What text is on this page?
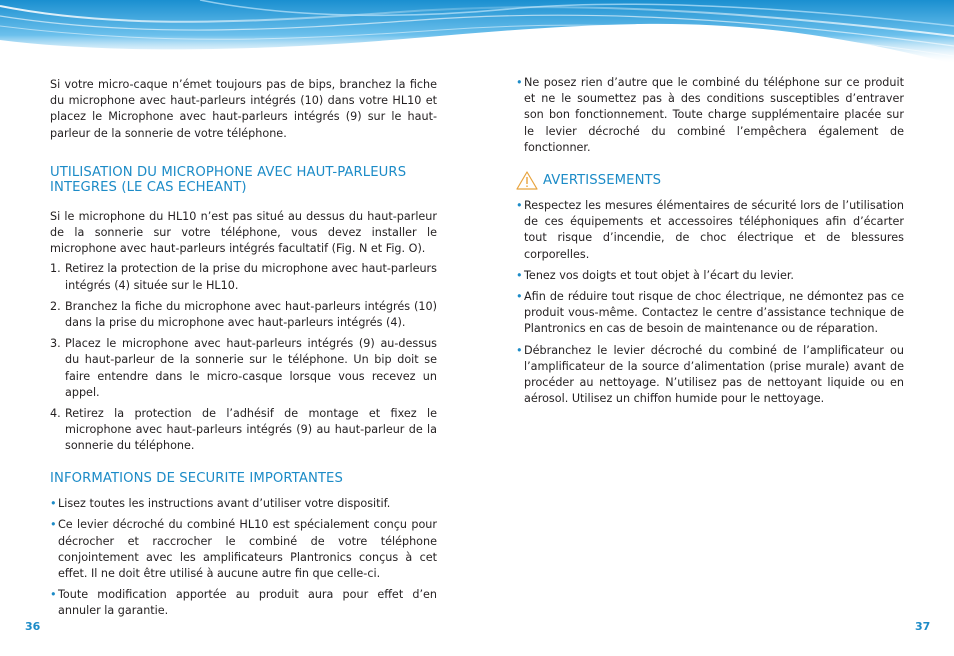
Si votre micro-caque n’émet toujours pas de bips, branchez la fiche du microphone avec haut-parleurs intégrés (10) dans votre HL10 et placez le Microphone avec haut-parleurs intégrés (9) sur le haut-parleur de la sonnerie de votre téléphone.

UTILISATION DU MICROPHONE AVEC HAUT-PARLEURS INTEGRES (LE CAS ECHEANT)

Si le microphone du HL10 n’est pas situé au dessus du haut-parleur de la sonnerie sur votre téléphone, vous devez installer le microphone avec haut-parleurs intégrés facultatif (Fig. N et Fig. O).

1. Retirez la protection de la prise du microphone avec haut-parleurs intégrés (4) située sur le HL10.
2. Branchez la fiche du microphone avec haut-parleurs intégrés (10) dans la prise du microphone avec haut-parleurs intégrés (4).
3. Placez le microphone avec haut-parleurs intégrés (9) au-dessus du haut-parleur de la sonnerie sur le téléphone. Un bip doit se faire entendre dans le micro-casque lorsque vous recevez un appel.
4. Retirez la protection de l’adhésif de montage et fixez le microphone avec haut-parleurs intégrés (9) au haut-parleur de la sonnerie du téléphone.
INFORMATIONS DE SECURITE IMPORTANTES
• Lisez toutes les instructions avant d’utiliser votre dispositif.
• Ce levier décroché du combiné HL10 est spécialement conçu pour décrocher et raccrocher le combiné de votre téléphone conjointement avec les amplificateurs Plantronics conçus à cet effet. Il ne doit être utilisé à aucune autre fin que celle-ci.
• Toute modification apportée au produit aura pour effet d’en annuler la garantie.
• Ne posez rien d’autre que le combiné du téléphone sur ce produit et ne le soumettez pas à des conditions susceptibles d’entraver son bon fonctionnement. Toute charge supplémentaire placée sur le levier décroché du combiné l’empêchera également de fonctionner.
AVERTISSEMENTS
• Respectez les mesures élémentaires de sécurité lors de l’utilisation de ces équipements et accessoires téléphoniques afin d’écarter tout risque d’incendie, de choc électrique et de blessures corporelles.
• Tenez vos doigts et tout objet à l’écart du levier.
• Afin de réduire tout risque de choc électrique, ne démontez pas ce produit vous-même. Contactez le centre d’assistance technique de Plantronics en cas de besoin de maintenance ou de réparation.
• Débranchez le levier décroché du combiné de l’amplificateur ou l’amplificateur de la source d’alimentation (prise murale) avant de procéder au nettoyage. N’utilisez pas de nettoyant liquide ou en aérosol. Utilisez un chiffon humide pour le nettoyage.
36	37
